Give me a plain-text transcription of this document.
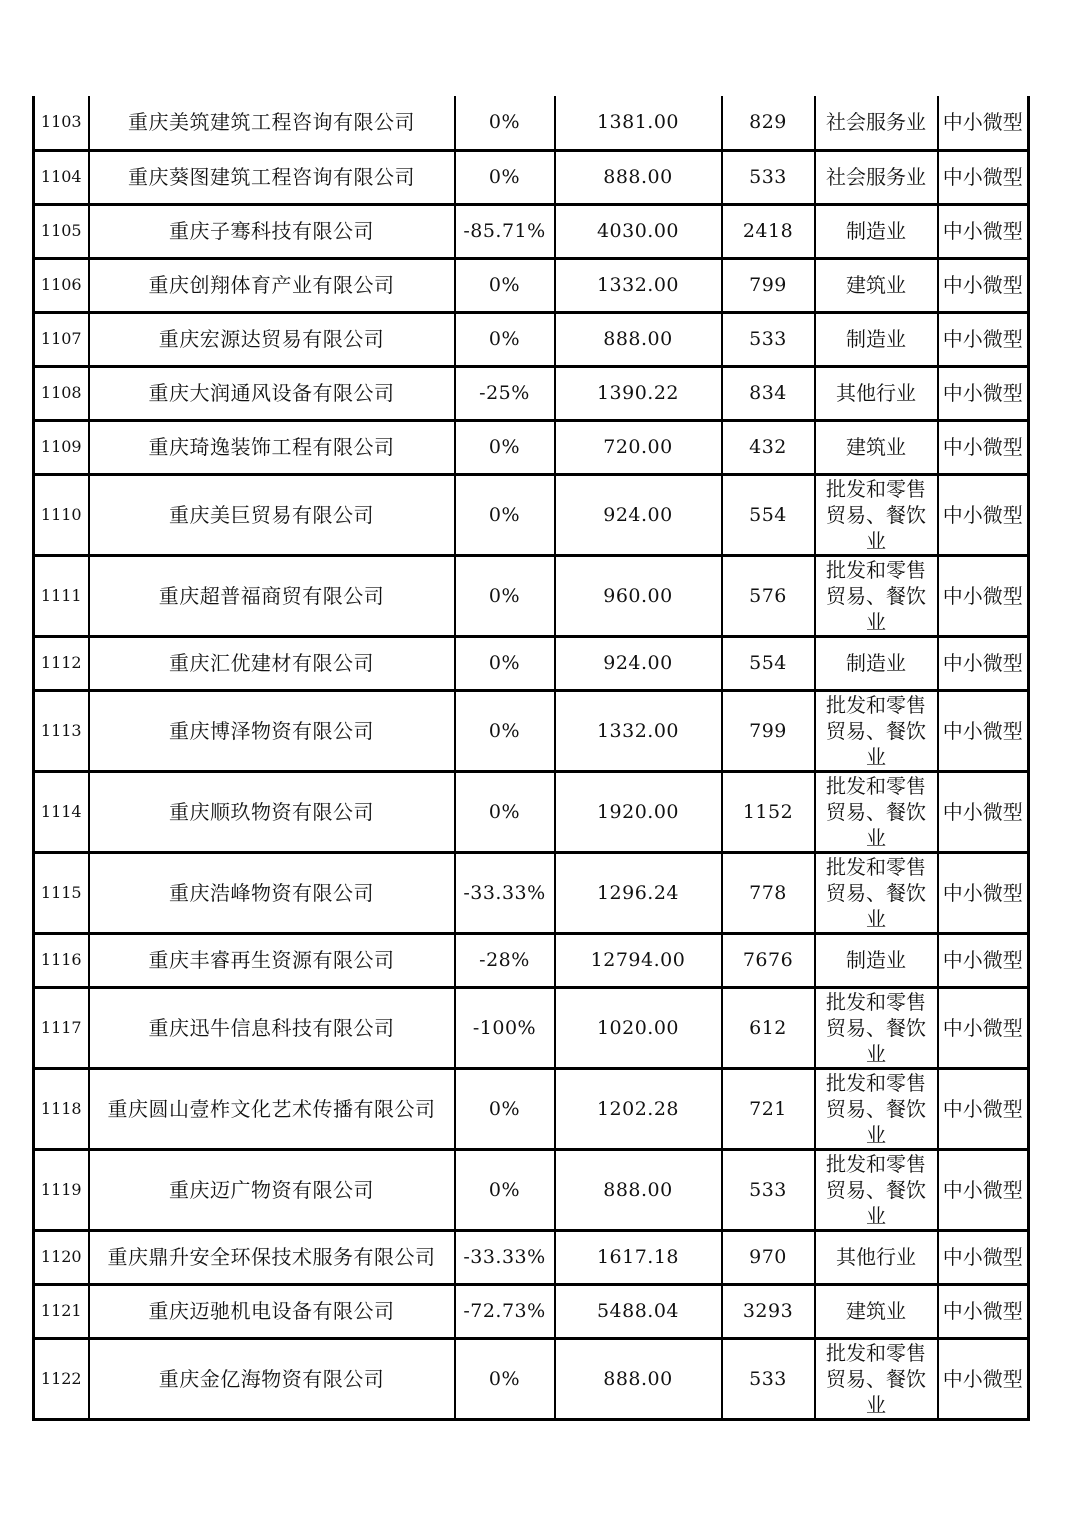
1103	重庆美筑建筑工程咨询有限公司	0%	1381.00	829	社会服务业	中小微型
1104	重庆葵图建筑工程咨询有限公司	0%	888.00	533	社会服务业	中小微型
1105	重庆子骞科技有限公司	-85.71%	4030.00	2418	制造业	中小微型
1106	重庆创翔体育产业有限公司	0%	1332.00	799	建筑业	中小微型
1107	重庆宏源达贸易有限公司	0%	888.00	533	制造业	中小微型
1108	重庆大润通风设备有限公司	-25%	1390.22	834	其他行业	中小微型
1109	重庆琦逸装饰工程有限公司	0%	720.00	432	建筑业	中小微型
1110	重庆美巨贸易有限公司	0%	924.00	554	批发和零售贸易、餐饮业	中小微型
1111	重庆超普福商贸有限公司	0%	960.00	576	批发和零售贸易、餐饮业	中小微型
1112	重庆汇优建材有限公司	0%	924.00	554	制造业	中小微型
1113	重庆博泽物资有限公司	0%	1332.00	799	批发和零售贸易、餐饮业	中小微型
1114	重庆顺玖物资有限公司	0%	1920.00	1152	批发和零售贸易、餐饮业	中小微型
1115	重庆浩峰物资有限公司	-33.33%	1296.24	778	批发和零售贸易、餐饮业	中小微型
1116	重庆丰睿再生资源有限公司	-28%	12794.00	7676	制造业	中小微型
1117	重庆迅牛信息科技有限公司	-100%	1020.00	612	批发和零售贸易、餐饮业	中小微型
1118	重庆圆山壹柞文化艺术传播有限公司	0%	1202.28	721	批发和零售贸易、餐饮业	中小微型
1119	重庆迈广物资有限公司	0%	888.00	533	批发和零售贸易、餐饮业	中小微型
1120	重庆鼎升安全环保技术服务有限公司	-33.33%	1617.18	970	其他行业	中小微型
1121	重庆迈驰机电设备有限公司	-72.73%	5488.04	3293	建筑业	中小微型
1122	重庆金亿海物资有限公司	0%	888.00	533	批发和零售贸易、餐饮业	中小微型
